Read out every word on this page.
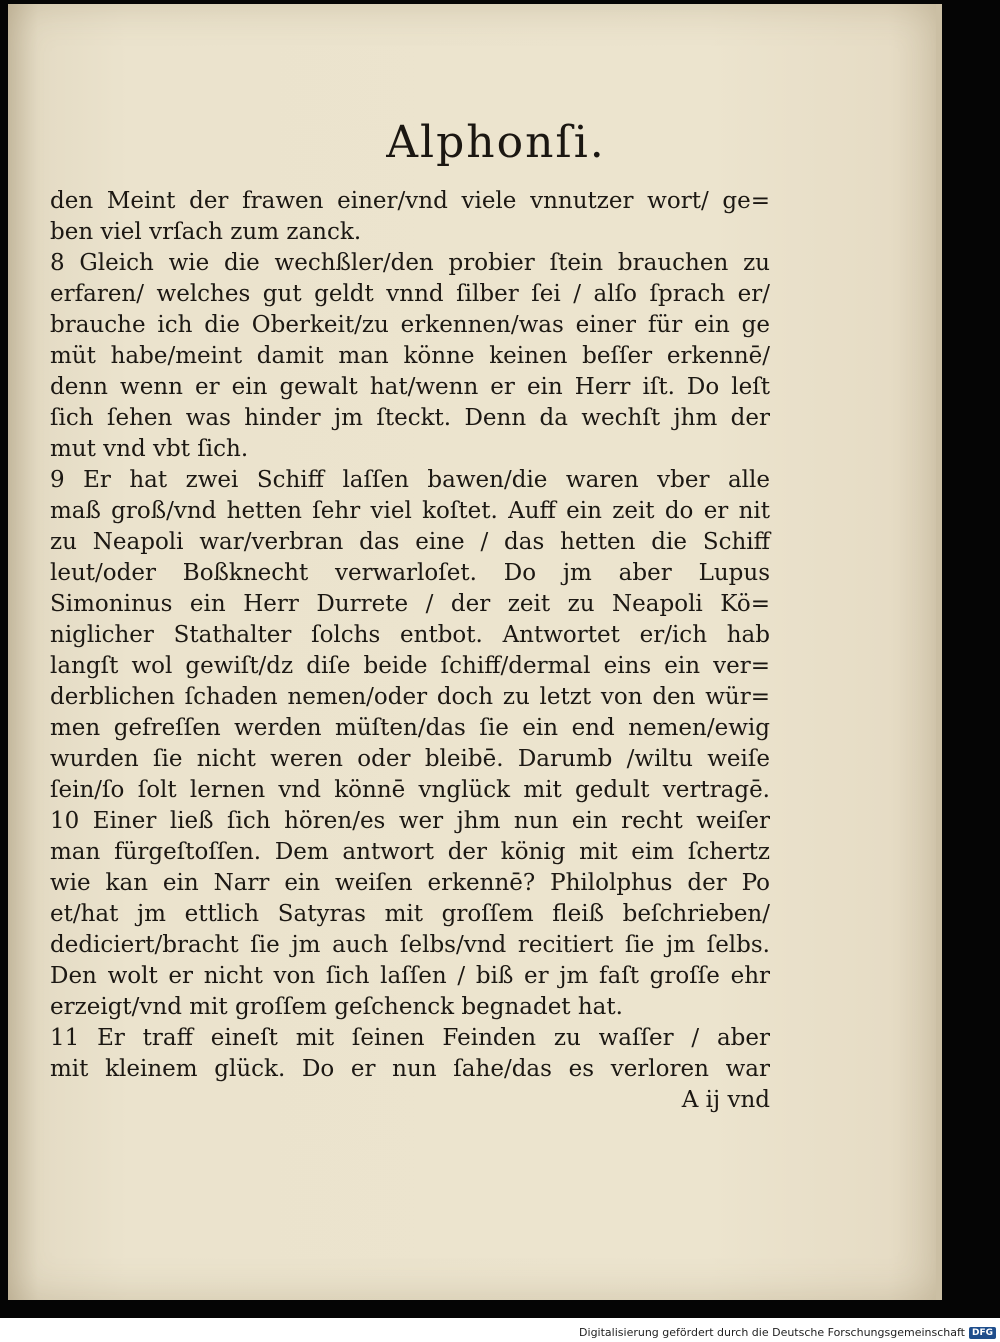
Alphonſi.
den Meint der frawen einer/vnd viele vnnutzer wort/ ge=
ben viel vrſach zum zanck.
8 Gleich wie die wechßler/den probier ſtein brauchen zu
erfaren/ welches gut geldt vnnd ſilber ſei / alſo ſprach er/
brauche ich die Oberkeit/zu erkennen/was einer für ein ge
müt habe/meint damit man könne keinen beſſer erkennē/
denn wenn er ein gewalt hat/wenn er ein Herr iſt. Do leſt
ſich ſehen was hinder jm ſteckt. Denn da wechſt jhm der
mut vnd vbt ſich.
9 Er hat zwei Schiff laſſen bawen/die waren vber alle
maß groß/vnd hetten ſehr viel koſtet. Auff ein zeit do er nit
zu Neapoli war/verbran das eine / das hetten die Schiff
leut/oder Boßknecht verwarloſet. Do jm aber Lupus
Simoninus ein Herr Durrete / der zeit zu Neapoli Kö=
niglicher Stathalter ſolchs entbot. Antwortet er/ich hab
langſt wol gewiſt/dz diſe beide ſchiff/dermal eins ein ver=
derblichen ſchaden nemen/oder doch zu letzt von den wür=
men gefreſſen werden müſten/das ſie ein end nemen/ewig
wurden ſie nicht weren oder bleibē. Darumb /wiltu weiſe
ſein/ſo ſolt lernen vnd könnē vnglück mit gedult vertragē.
10 Einer ließ ſich hören/es wer jhm nun ein recht weiſer
man fürgeſtoſſen. Dem antwort der könig mit eim ſchertz
wie kan ein Narr ein weiſen erkennē? Philolphus der Po
et/hat jm ettlich Satyras mit groſſem fleiß beſchrieben/
dediciert/bracht ſie jm auch ſelbs/vnd recitiert ſie jm ſelbs.
Den wolt er nicht von ſich laſſen / biß er jm faſt groſſe ehr
erzeigt/vnd mit groſſem geſchenck begnadet hat.
11 Er traff eineſt mit ſeinen Feinden zu waſſer / aber
mit kleinem glück. Do er nun ſahe/das es verloren war
A ij vnd
Digitalisierung gefördert durch die Deutsche Forschungsgemeinschaft DFG
